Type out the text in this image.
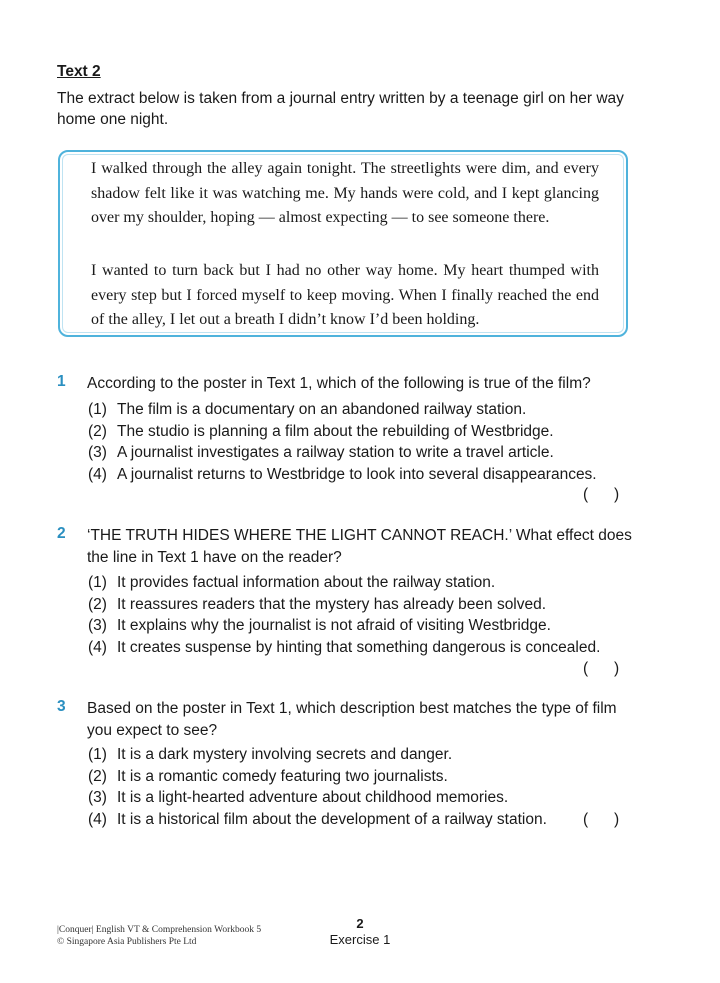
Text 2
The extract below is taken from a journal entry written by a teenage girl on her way home one night.
I walked through the alley again tonight. The streetlights were dim, and every shadow felt like it was watching me. My hands were cold, and I kept glancing over my shoulder, hoping — almost expecting — to see someone there.
I wanted to turn back but I had no other way home. My heart thumped with every step but I forced myself to keep moving. When I finally reached the end of the alley, I let out a breath I didn’t know I’d been holding.
1 According to the poster in Text 1, which of the following is true of the film?
(1) The film is a documentary on an abandoned railway station.
(2) The studio is planning a film about the rebuilding of Westbridge.
(3) A journalist investigates a railway station to write a travel article.
(4) A journalist returns to Westbridge to look into several disappearances.
(      )
2 ‘THE TRUTH HIDES WHERE THE LIGHT CANNOT REACH.’ What effect does the line in Text 1 have on the reader?
(1) It provides factual information about the railway station.
(2) It reassures readers that the mystery has already been solved.
(3) It explains why the journalist is not afraid of visiting Westbridge.
(4) It creates suspense by hinting that something dangerous is concealed.
(      )
3 Based on the poster in Text 1, which description best matches the type of film you expect to see?
(1) It is a dark mystery involving secrets and danger.
(2) It is a romantic comedy featuring two journalists.
(3) It is a light-hearted adventure about childhood memories.
(4) It is a historical film about the development of a railway station. (      )
|Conquer| English VT & Comprehension Workbook 5
© Singapore Asia Publishers Pte Ltd
2
Exercise 1
